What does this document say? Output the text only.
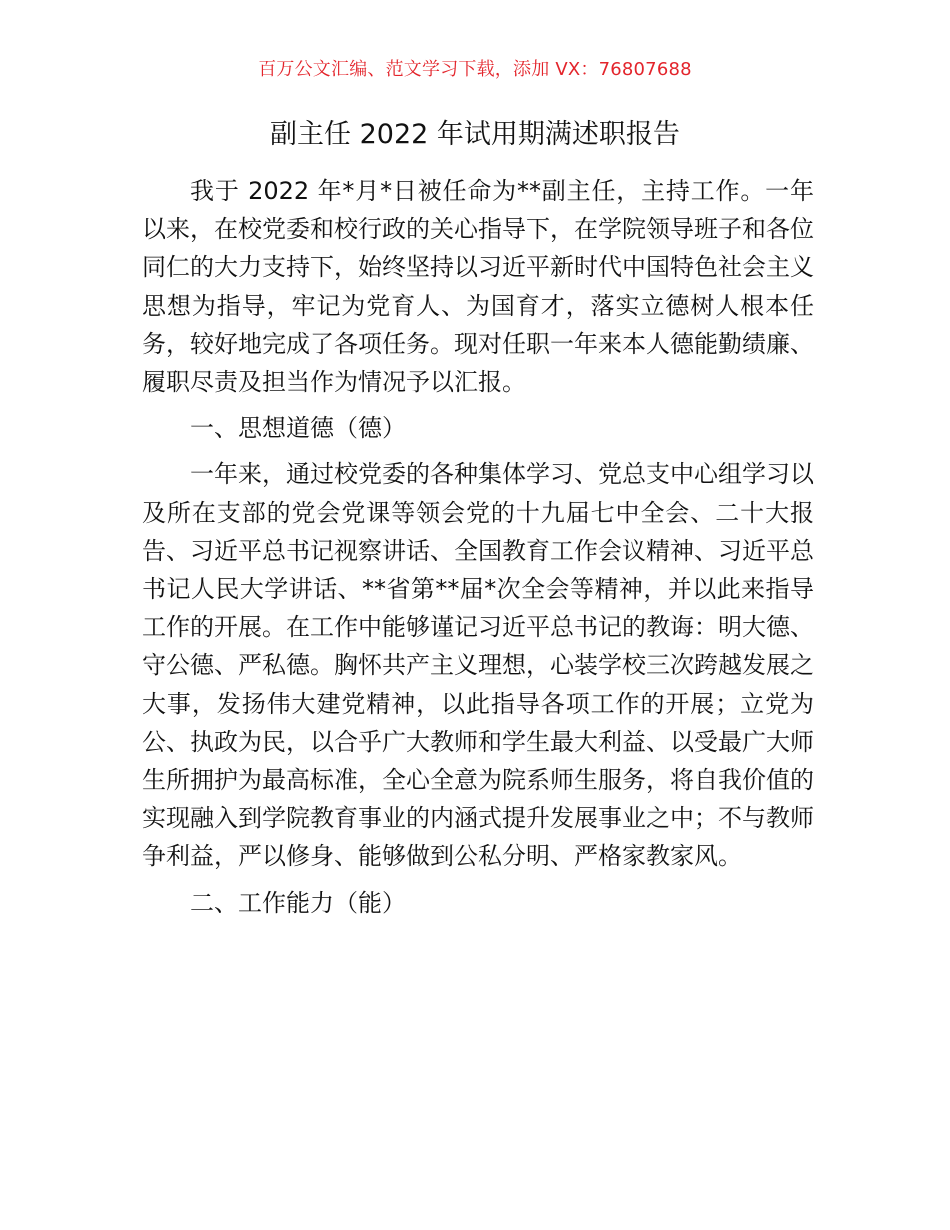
百万公文汇编、范文学习下载，添加 VX：76807688
副主任 2022 年试用期满述职报告

我于 2022 年*月*日被任命为**副主任，主持工作。一年以来，在校党委和校行政的关心指导下，在学院领导班子和各位同仁的大力支持下，始终坚持以习近平新时代中国特色社会主义思想为指导，牢记为党育人、为国育才，落实立德树人根本任务，较好地完成了各项任务。现对任职一年来本人德能勤绩廉、履职尽责及担当作为情况予以汇报。

一、思想道德（德）

一年来，通过校党委的各种集体学习、党总支中心组学习以及所在支部的党会党课等领会党的十九届七中全会、二十大报告、习近平总书记视察讲话、全国教育工作会议精神、习近平总书记人民大学讲话、**省第**届*次全会等精神，并以此来指导工作的开展。在工作中能够谨记习近平总书记的教诲：明大德、守公德、严私德。胸怀共产主义理想，心装学校三次跨越发展之大事，发扬伟大建党精神，以此指导各项工作的开展；立党为公、执政为民，以合乎广大教师和学生最大利益、以受最广大师生所拥护为最高标准，全心全意为院系师生服务，将自我价值的实现融入到学院教育事业的内涵式提升发展事业之中；不与教师争利益，严以修身、能够做到公私分明、严格家教家风。

二、工作能力（能）
